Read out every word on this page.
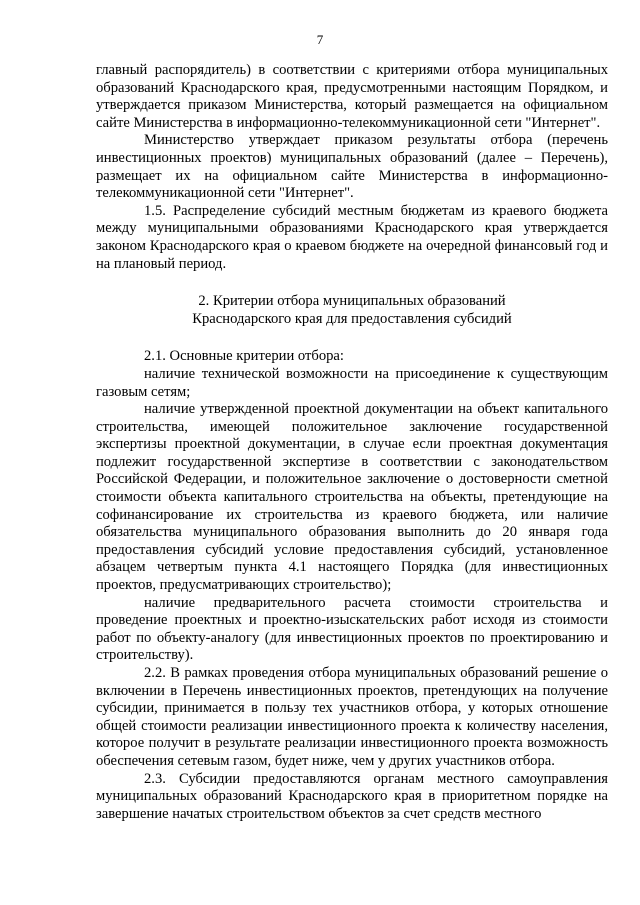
7

главный распорядитель) в соответствии с критериями отбора муниципальных образований Краснодарского края, предусмотренными настоящим Порядком, и утверждается приказом Министерства, который размещается на официальном сайте Министерства в информационно-телекоммуникационной сети "Интернет".

Министерство утверждает приказом результаты отбора (перечень инвестиционных проектов) муниципальных образований (далее – Перечень), размещает их на официальном сайте Министерства в информационно-телекоммуникационной сети "Интернет".

1.5. Распределение субсидий местным бюджетам из краевого бюджета между муниципальными образованиями Краснодарского края утверждается законом Краснодарского края о краевом бюджете на очередной финансовый год и на плановый период.

2. Критерии отбора муниципальных образований
Краснодарского края для предоставления субсидий

2.1. Основные критерии отбора:

наличие технической возможности на присоединение к существующим газовым сетям;

наличие утвержденной проектной документации на объект капитального строительства, имеющей положительное заключение государственной экспертизы проектной документации, в случае если проектная документация подлежит государственной экспертизе в соответствии с законодательством Российской Федерации, и положительное заключение о достоверности сметной стоимости объекта капитального строительства на объекты, претендующие на софинансирование их строительства из краевого бюджета, или наличие обязательства муниципального образования выполнить до 20 января года предоставления субсидий условие предоставления субсидий, установленное абзацем четвертым пункта 4.1 настоящего Порядка (для инвестиционных проектов, предусматривающих строительство);

наличие предварительного расчета стоимости строительства и проведение проектных и проектно-изыскательских работ исходя из стоимости работ по объекту-аналогу (для инвестиционных проектов по проектированию и строительству).

2.2. В рамках проведения отбора муниципальных образований решение о включении в Перечень инвестиционных проектов, претендующих на получение субсидии, принимается в пользу тех участников отбора, у которых отношение общей стоимости реализации инвестиционного проекта к количеству населения, которое получит в результате реализации инвестиционного проекта возможность обеспечения сетевым газом, будет ниже, чем у других участников отбора.

2.3. Субсидии предоставляются органам местного самоуправления муниципальных образований Краснодарского края в приоритетном порядке на завершение начатых строительством объектов за счет средств местного
